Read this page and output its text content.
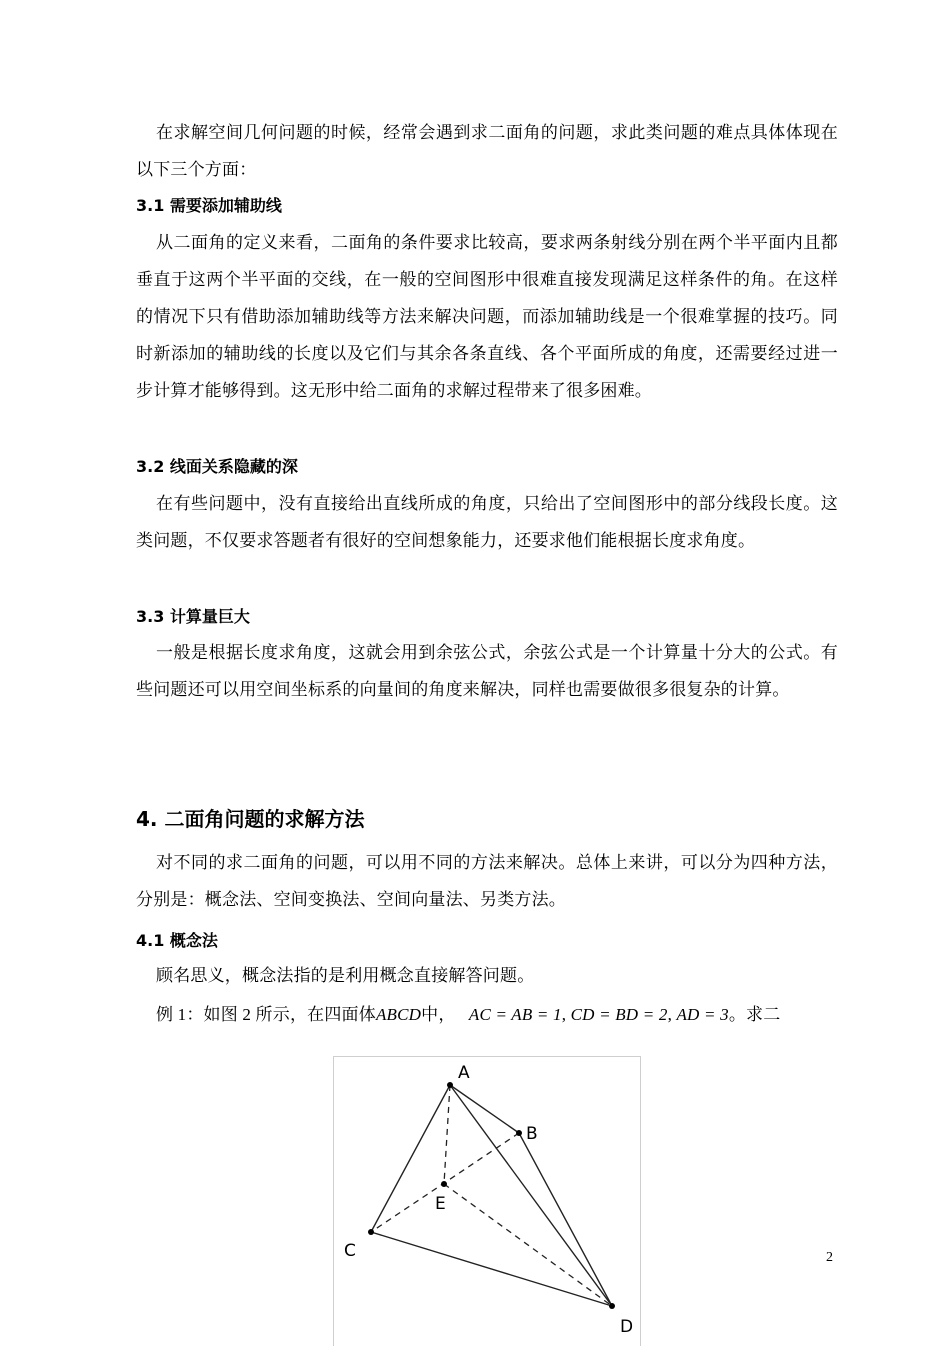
在求解空间几何问题的时候，经常会遇到求二面角的问题，求此类问题的难点具体体现在以下三个方面：

3.1 需要添加辅助线

从二面角的定义来看，二面角的条件要求比较高，要求两条射线分别在两个半平面内且都垂直于这两个半平面的交线，在一般的空间图形中很难直接发现满足这样条件的角。在这样的情况下只有借助添加辅助线等方法来解决问题，而添加辅助线是一个很难掌握的技巧。同时新添加的辅助线的长度以及它们与其余各条直线、各个平面所成的角度，还需要经过进一步计算才能够得到。这无形中给二面角的求解过程带来了很多困难。

3.2 线面关系隐藏的深

在有些问题中，没有直接给出直线所成的角度，只给出了空间图形中的部分线段长度。这类问题，不仅要求答题者有很好的空间想象能力，还要求他们能根据长度求角度。

3.3 计算量巨大

一般是根据长度求角度，这就会用到余弦公式，余弦公式是一个计算量十分大的公式。有些问题还可以用空间坐标系的向量间的角度来解决，同样也需要做很多很复杂的计算。

4. 二面角问题的求解方法

对不同的求二面角的问题，可以用不同的方法来解决。总体上来讲，可以分为四种方法，分别是：概念法、空间变换法、空间向量法、另类方法。

4.1 概念法

顾名思义，概念法指的是利用概念直接解答问题。

例 1：如图 2 所示，在四面体ABCD中， AC = AB = 1, CD = BD = 2, AD = 3。求二

A
B
E
C
D
2
